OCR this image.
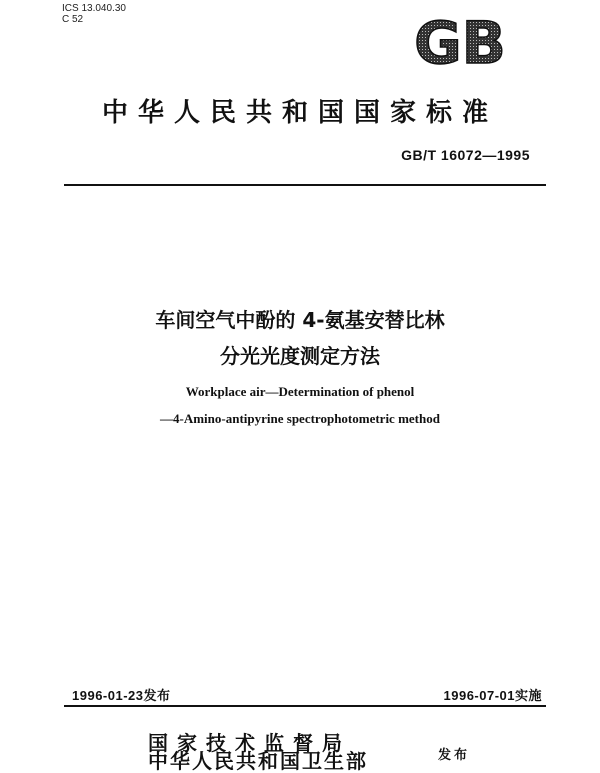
ICS 13.040.30
C 52	GB
中华人民共和国国家标准
GB/T 16072—1995
车间空气中酚的 4-氨基安替比林
分光光度测定方法
Workplace air—Determination of phenol
—4-Amino-antipyrine spectrophotometric method
1996-01-23发布	1996-07-01实施
国家技术监督局
中华人民共和国卫生部	发布
